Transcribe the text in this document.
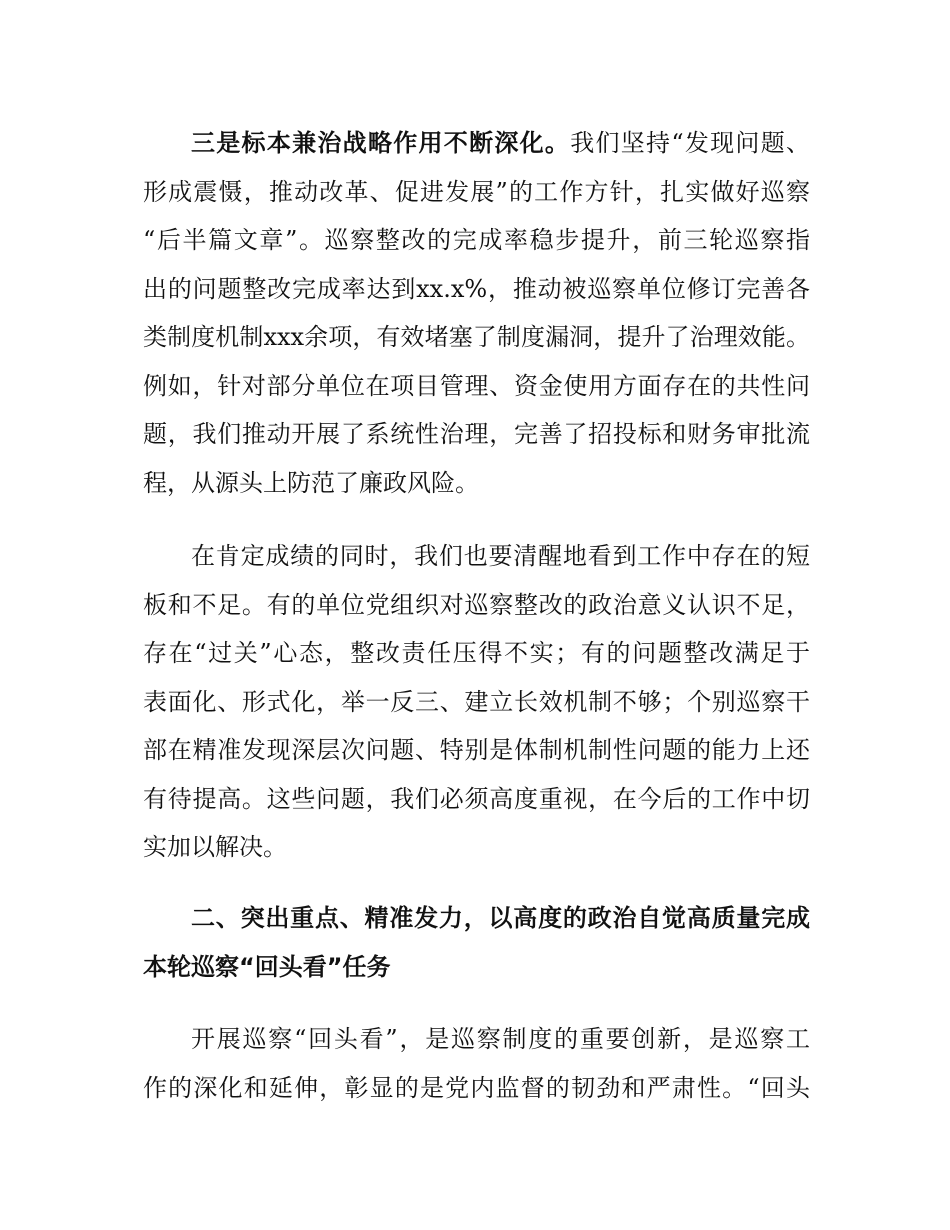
三是标本兼治战略作用不断深化。我们坚持“发现问题、
形成震慑，推动改革、促进发展”的工作方针，扎实做好巡察
“后半篇文章”。巡察整改的完成率稳步提升，前三轮巡察指
出的问题整改完成率达到xx.x%，推动被巡察单位修订完善各
类制度机制xxx余项，有效堵塞了制度漏洞，提升了治理效能。
例如，针对部分单位在项目管理、资金使用方面存在的共性问
题，我们推动开展了系统性治理，完善了招投标和财务审批流
程，从源头上防范了廉政风险。
在肯定成绩的同时，我们也要清醒地看到工作中存在的短
板和不足。有的单位党组织对巡察整改的政治意义认识不足，
存在“过关”心态，整改责任压得不实；有的问题整改满足于
表面化、形式化，举一反三、建立长效机制不够；个别巡察干
部在精准发现深层次问题、特别是体制机制性问题的能力上还
有待提高。这些问题，我们必须高度重视，在今后的工作中切
实加以解决。
二、突出重点、精准发力，以高度的政治自觉高质量完成
本轮巡察“回头看”任务
开展巡察“回头看”，是巡察制度的重要创新，是巡察工
作的深化和延伸，彰显的是党内监督的韧劲和严肃性。“回头
